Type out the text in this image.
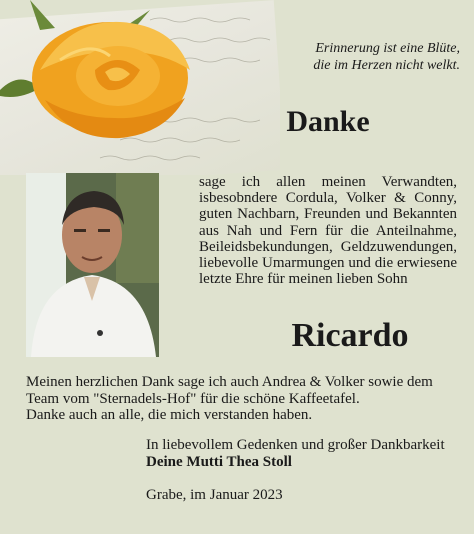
Erinnerung ist eine Blüte,
die im Herzen nicht welkt.
Danke
sage ich allen meinen Verwandten, isbesobndere Cordula, Volker & Conny, guten Nachbarn, Freunden und Bekannten aus Nah und Fern für die Anteilnahme, Beileidsbekundungen, Geldzuwendungen, liebevolle Umarmungen und die erwiesene letzte Ehre für meinen lieben Sohn
Ricardo
Meinen herzlichen Dank sage ich auch Andrea & Volker sowie dem
Team vom "Sternadels-Hof" für die schöne Kaffeetafel.
Danke auch an alle, die mich verstanden haben.
In liebevollem Gedenken und großer Dankbarkeit
Deine Mutti Thea Stoll
Grabe, im Januar 2023
